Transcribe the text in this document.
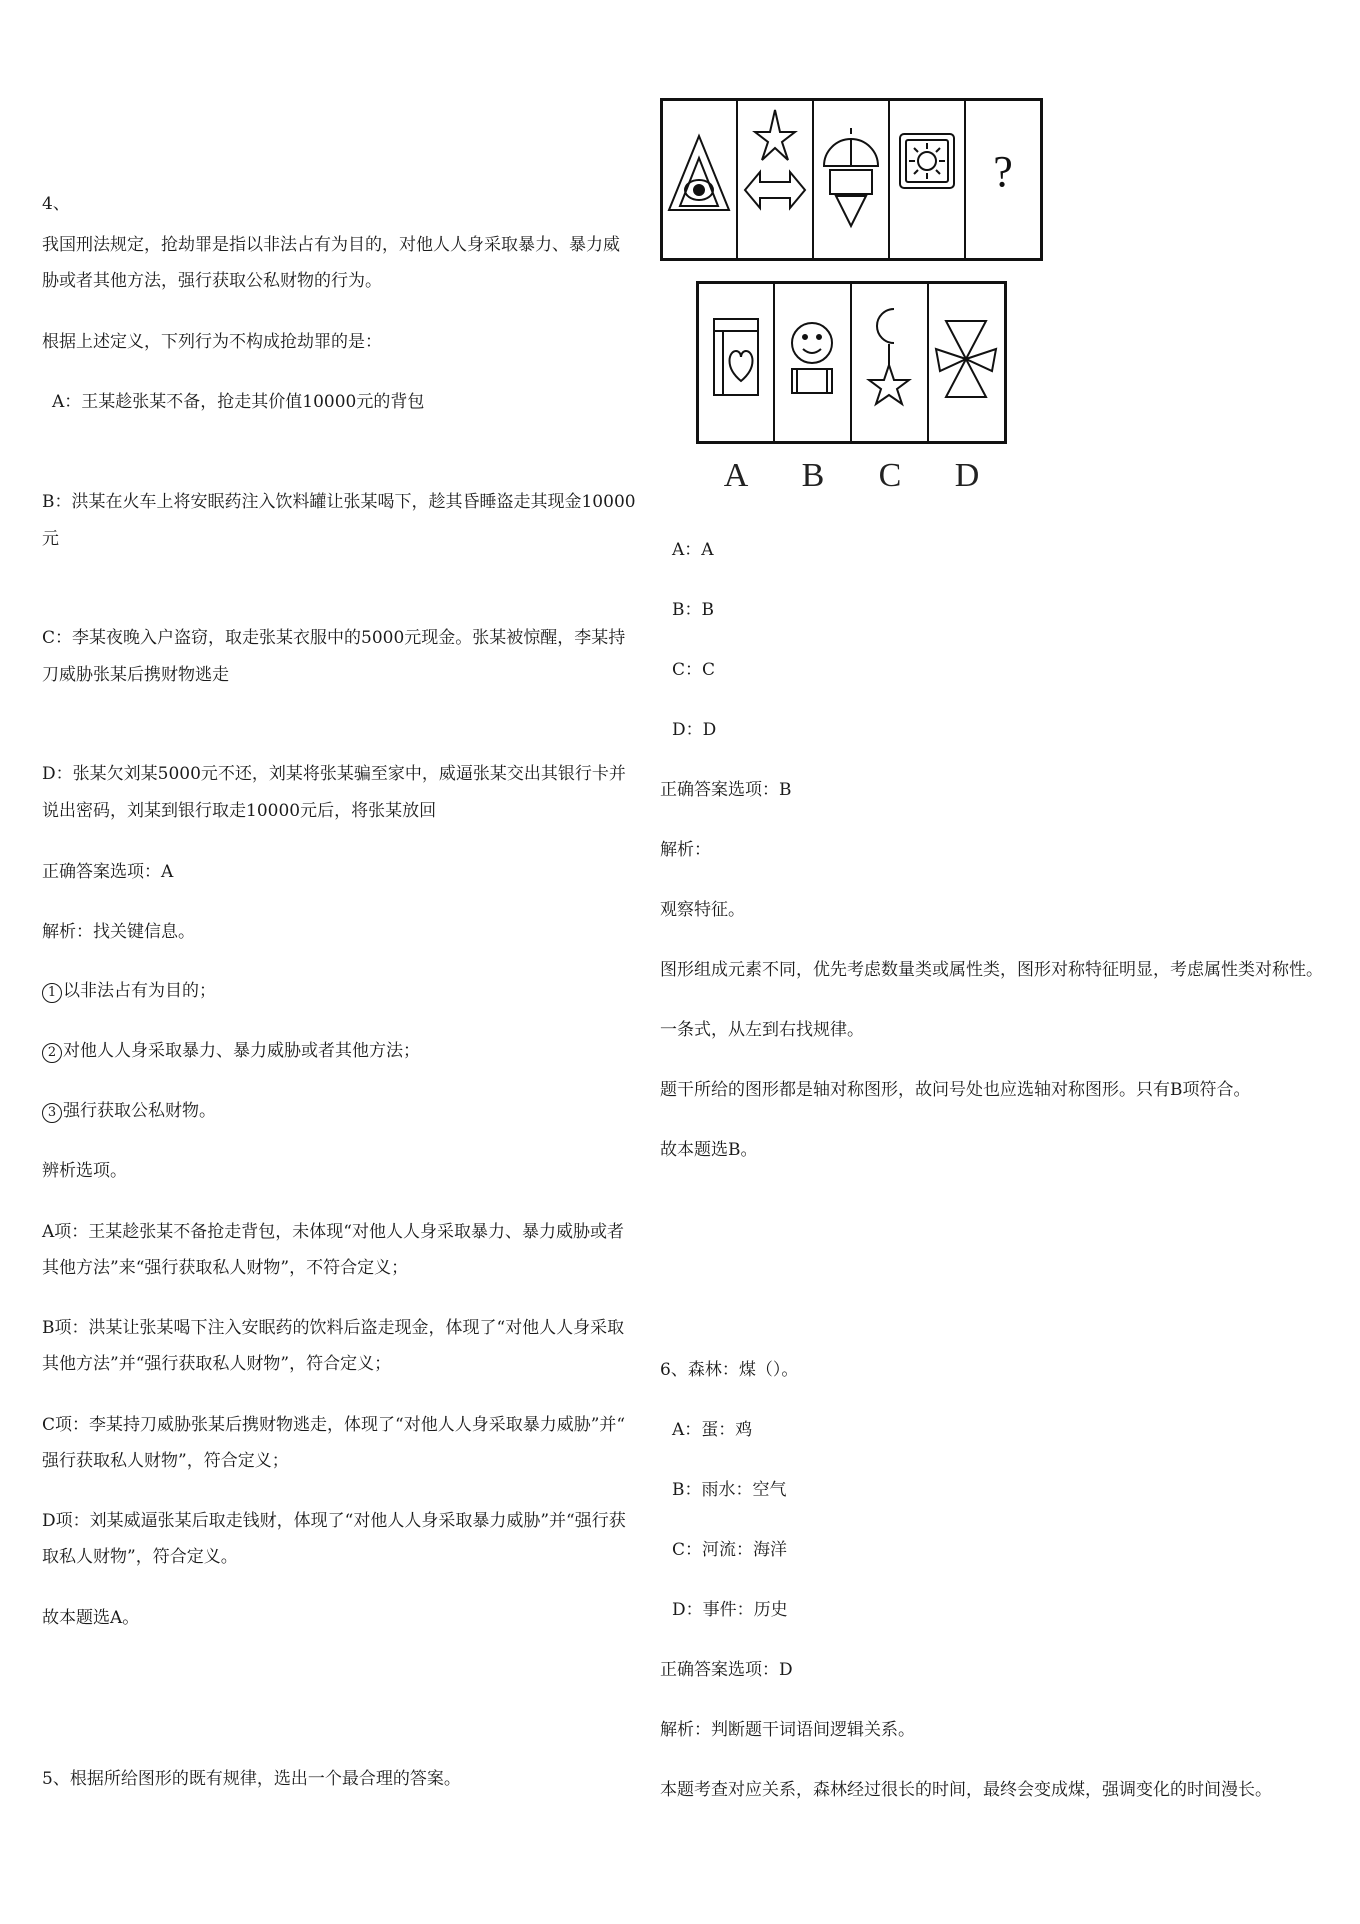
4、
我国刑法规定，抢劫罪是指以非法占有为目的，对他人人身采取暴力、暴力威
胁或者其他方法，强行获取公私财物的行为。
根据上述定义，下列行为不构成抢劫罪的是：
A：王某趁张某不备，抢走其价值10000元的背包
B：洪某在火车上将安眠药注入饮料罐让张某喝下，趁其昏睡盗走其现金10000
元
C：李某夜晚入户盗窃，取走张某衣服中的5000元现金。张某被惊醒，李某持
刀威胁张某后携财物逃走
D：张某欠刘某5000元不还，刘某将张某骗至家中，威逼张某交出其银行卡并
说出密码，刘某到银行取走10000元后，将张某放回
正确答案选项：A
解析：找关键信息。
1 以非法占有为目的；
2 对他人人身采取暴力、暴力威胁或者其他方法；
3 强行获取公私财物。
辨析选项。
A项：王某趁张某不备抢走背包，未体现“对他人人身采取暴力、暴力威胁或者
其他方法”来“强行获取私人财物”，不符合定义；
B项：洪某让张某喝下注入安眠药的饮料后盗走现金，体现了“对他人人身采取
其他方法”并“强行获取私人财物”，符合定义；
C项：李某持刀威胁张某后携财物逃走，体现了“对他人人身采取暴力威胁”并“
强行获取私人财物”，符合定义；
D项：刘某威逼张某后取走钱财，体现了“对他人人身采取暴力威胁”并“强行获
取私人财物”，符合定义。
故本题选A。
5、根据所给图形的既有规律，选出一个最合理的答案。
?
A B C D
A：A
B：B
C：C
D：D
正确答案选项：B
解析：
观察特征。
图形组成元素不同，优先考虑数量类或属性类，图形对称特征明显，考虑属性类对称性。
一条式，从左到右找规律。
题干所给的图形都是轴对称图形，故问号处也应选轴对称图形。只有B项符合。
故本题选B。
6、森林：煤（）。
A：蛋：鸡
B：雨水：空气
C：河流：海洋
D：事件：历史
正确答案选项：D
解析：判断题干词语间逻辑关系。
本题考查对应关系，森林经过很长的时间，最终会变成煤，强调变化的时间漫长。
